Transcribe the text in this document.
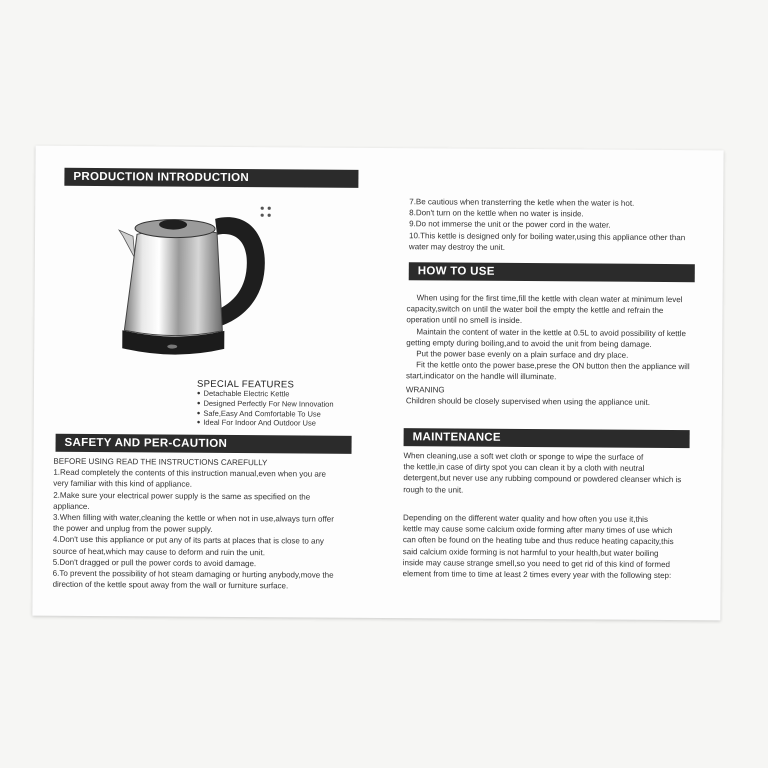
PRODUCTION INTRODUCTION
SPECIAL FEATURES
● Detachable Electric Kettle
● Designed Perfectly For New Innovation
● Safe,Easy And Comfortable To Use
● Ideal For Indoor And Outdoor Use
SAFETY AND PER-CAUTION

BEFORE USING READ THE INSTRUCTIONS CAREFULLY

1.Read completely the contents of this instruction manual,even when you are

very familiar with this kind of appliance.

2.Make sure your electrical power supply is the same as specified on the

appliance.

3.When filling with water,cleaning the kettle or when not in use,always turn offer

the power and unplug from the power supply.

4.Don't use this appliance or put any of its parts at places that is close to any

source of heat,which may cause to deform and ruin the unit.

5.Don't dragged or pull the power cords to avoid damage.

6.To prevent the possibility of hot steam damaging or hurting anybody,move the

direction of the kettle spout away from the wall or furniture surface.

7.Be cautious when transterring the ketle when the water is hot.

8.Don't turn on the kettle when no water is inside.

9.Do not immerse the unit or the power cord in the water.

10.This kettle is designed only for boiling water,using this appliance other than

water may destroy the unit.

HOW TO USE

When using for the first time,fill the kettle with clean water at minimum level

capacity,switch on until the water boil the empty the kettle and refrain the

operation until no smell is inside.

Maintain the content of water in the kettle at 0.5L to avoid possibility of kettle

getting empty during boiling,and to avoid the unit from being damage.

Put the power base evenly on a plain surface and dry place.

Fit the kettle onto the power base,prese the ON button then the appliance will

start,indicator on the handle will illuminate.

WRANING

Children should be closely supervised when using the appliance unit.

MAINTENANCE

When cleaning,use a soft wet cloth or sponge to wipe the surface of

the kettle,in case of dirty spot you can clean it by a cloth with neutral

detergent,but never use any rubbing compound or powdered cleanser which is

rough to the unit.

Depending on the different water quality and how often you use it,this

kettle may cause some calcium oxide forming after many times of use which

can often be found on the heating tube and thus reduce heating capacity,this

said calcium oxide forming is not harmful to your health,but water boiling

inside may cause strange smell,so you need to get rid of this kind of formed

element from time to time at least 2 times every year with the following step:
